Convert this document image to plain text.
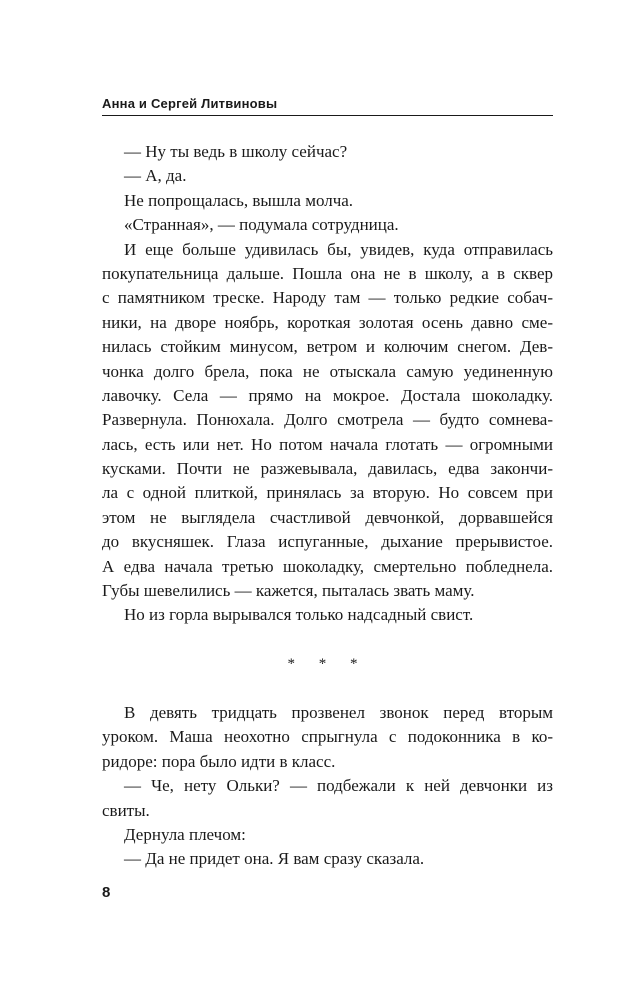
Анна и Сергей Литвиновы
— Ну ты ведь в школу сейчас?
— А, да.
Не попрощалась, вышла молча.
«Странная», — подумала сотрудница.
И еще больше удивилась бы, увидев, куда отправилась
покупательница дальше. Пошла она не в школу, а в сквер
с памятником треске. Народу там — только редкие собач-
ники, на дворе ноябрь, короткая золотая осень давно сме-
нилась стойким минусом, ветром и колючим снегом. Дев-
чонка долго брела, пока не отыскала самую уединенную
лавочку. Села — прямо на мокрое. Достала шоколадку.
Развернула. Понюхала. Долго смотрела — будто сомнева-
лась, есть или нет. Но потом начала глотать — огромными
кусками. Почти не разжевывала, давилась, едва закончи-
ла с одной плиткой, принялась за вторую. Но совсем при
этом не выглядела счастливой девчонкой, дорвавшейся
до вкусняшек. Глаза испуганные, дыхание прерывистое.
А едва начала третью шоколадку, смертельно побледнела.
Губы шевелились — кажется, пыталась звать маму.
Но из горла вырывался только надсадный свист.
* * *
В девять тридцать прозвенел звонок перед вторым
уроком. Маша неохотно спрыгнула с подоконника в ко-
ридоре: пора было идти в класс.
— Че, нету Ольки? — подбежали к ней девчонки из
свиты.
Дернула плечом:
— Да не придет она. Я вам сразу сказала.
8
